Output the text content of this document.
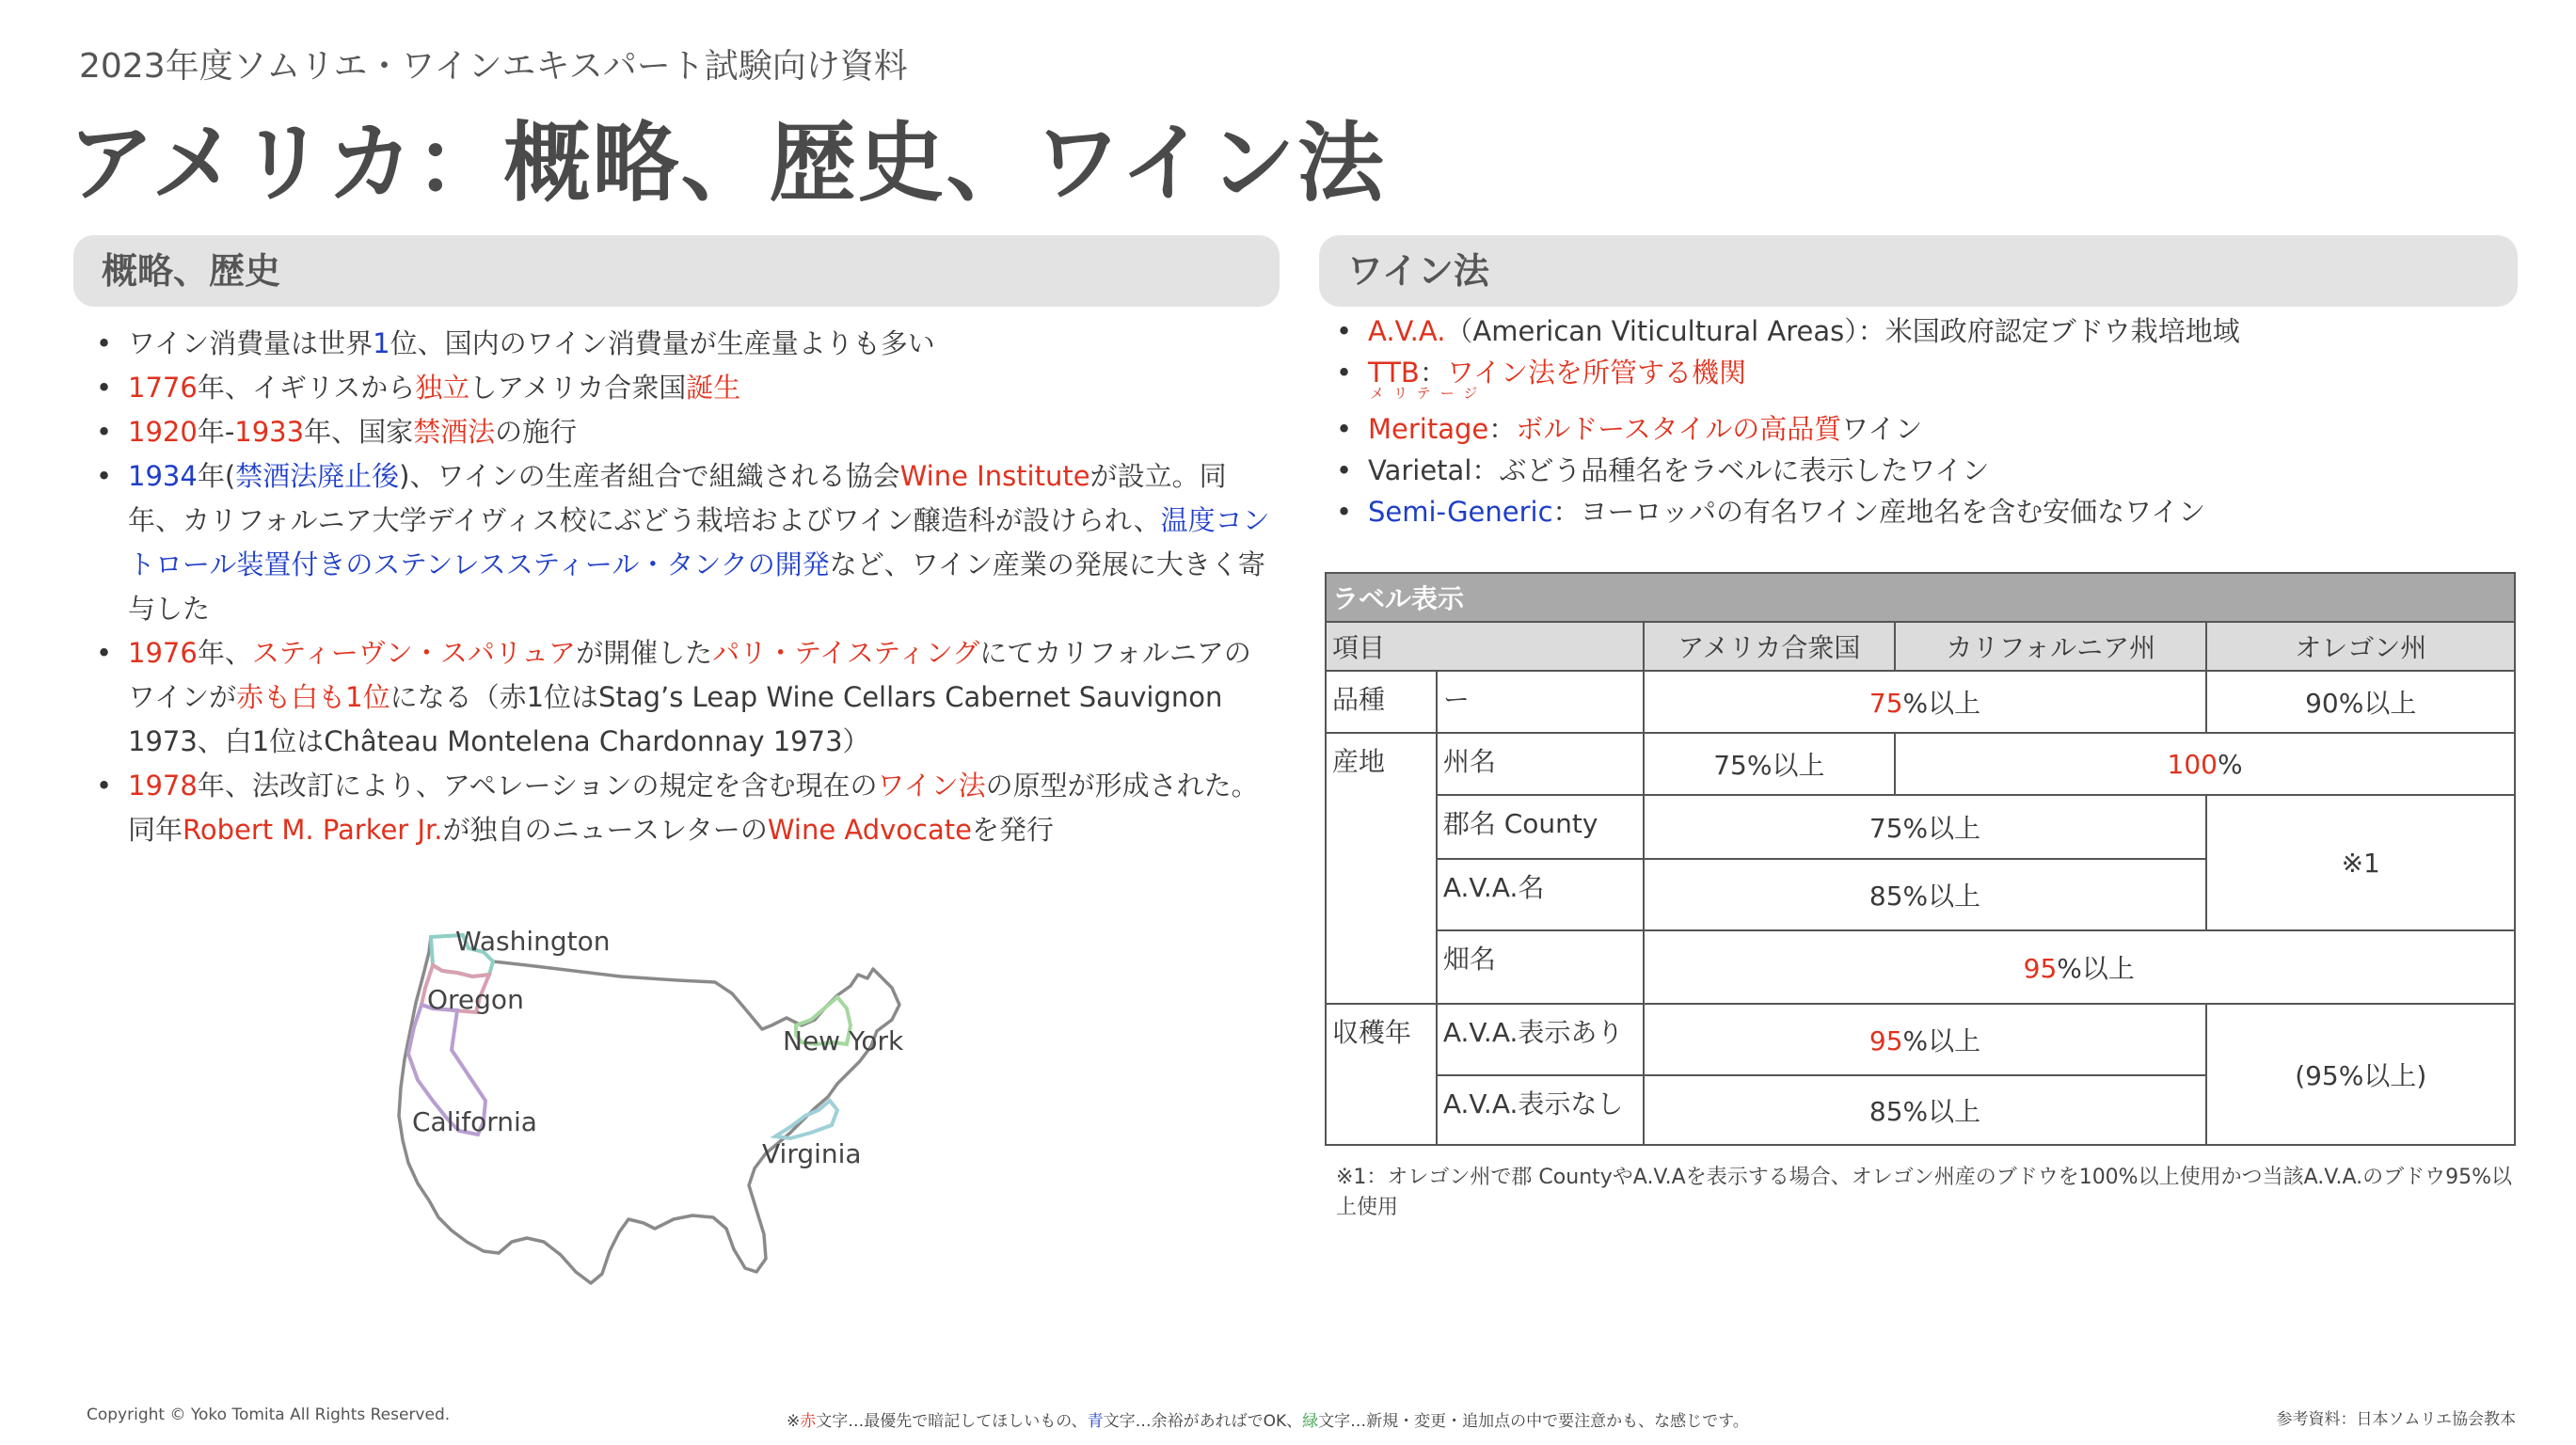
2023年度ソムリエ・ワインエキスパート試験向け資料
アメリカ：概略、歴史、ワイン法
概略、歴史
• ワイン消費量は世界1位、国内のワイン消費量が生産量よりも多い
• 1776年、イギリスから独立しアメリカ合衆国誕生
• 1920年-1933年、国家禁酒法の施行
• 1934年(禁酒法廃止後)、ワインの生産者組合で組織される協会Wine Instituteが設立。同年、カリフォルニア大学デイヴィス校にぶどう栽培およびワイン醸造科が設けられ、温度コントロール装置付きのステンレススティール・タンクの開発など、ワイン産業の発展に大きく寄与した
• 1976年、スティーヴン・スパリュアが開催したパリ・テイスティングにてカリフォルニアのワインが赤も白も1位になる（赤1位はStag’s Leap Wine Cellars Cabernet Sauvignon 1973、白1位はChâteau Montelena Chardonnay 1973）
• 1978年、法改訂により、アペレーションの規定を含む現在のワイン法の原型が形成された。同年Robert M. Parker Jr.が独自のニュースレターのWine Advocateを発行
Washington
Oregon
California
New York
Virginia
ワイン法
• A.V.A.（American Viticultural Areas）：米国政府認定ブドウ栽培地域
• TTB：ワイン法を所管する機関
• メリテージ
Meritage：ボルドースタイルの高品質ワイン
• Varietal：ぶどう品種名をラベルに表示したワイン
• Semi-Generic：ヨーロッパの有名ワイン産地名を含む安価なワイン
ラベル表示				
項目		アメリカ合衆国	カリフォルニア州	オレゴン州
品種	ー	75%以上		90%以上
産地	州名	75%以上	100%	
	郡名 County	75%以上		※1
	A.V.A.名	85%以上		
	畑名	95%以上		
収穫年	A.V.A.表示あり	95%以上		(95%以上)
	A.V.A.表示なし	85%以上		
※1：オレゴン州で郡 CountyやA.V.Aを表示する場合、オレゴン州産のブドウを100%以上使用かつ当該A.V.A.のブドウ95%以上使用
Copyright © Yoko Tomita All Rights Reserved.	※赤文字…最優先で暗記してほしいもの、青文字…余裕があればでOK、緑文字…新規・変更・追加点の中で要注意かも、な感じです。	参考資料：日本ソムリエ協会教本
